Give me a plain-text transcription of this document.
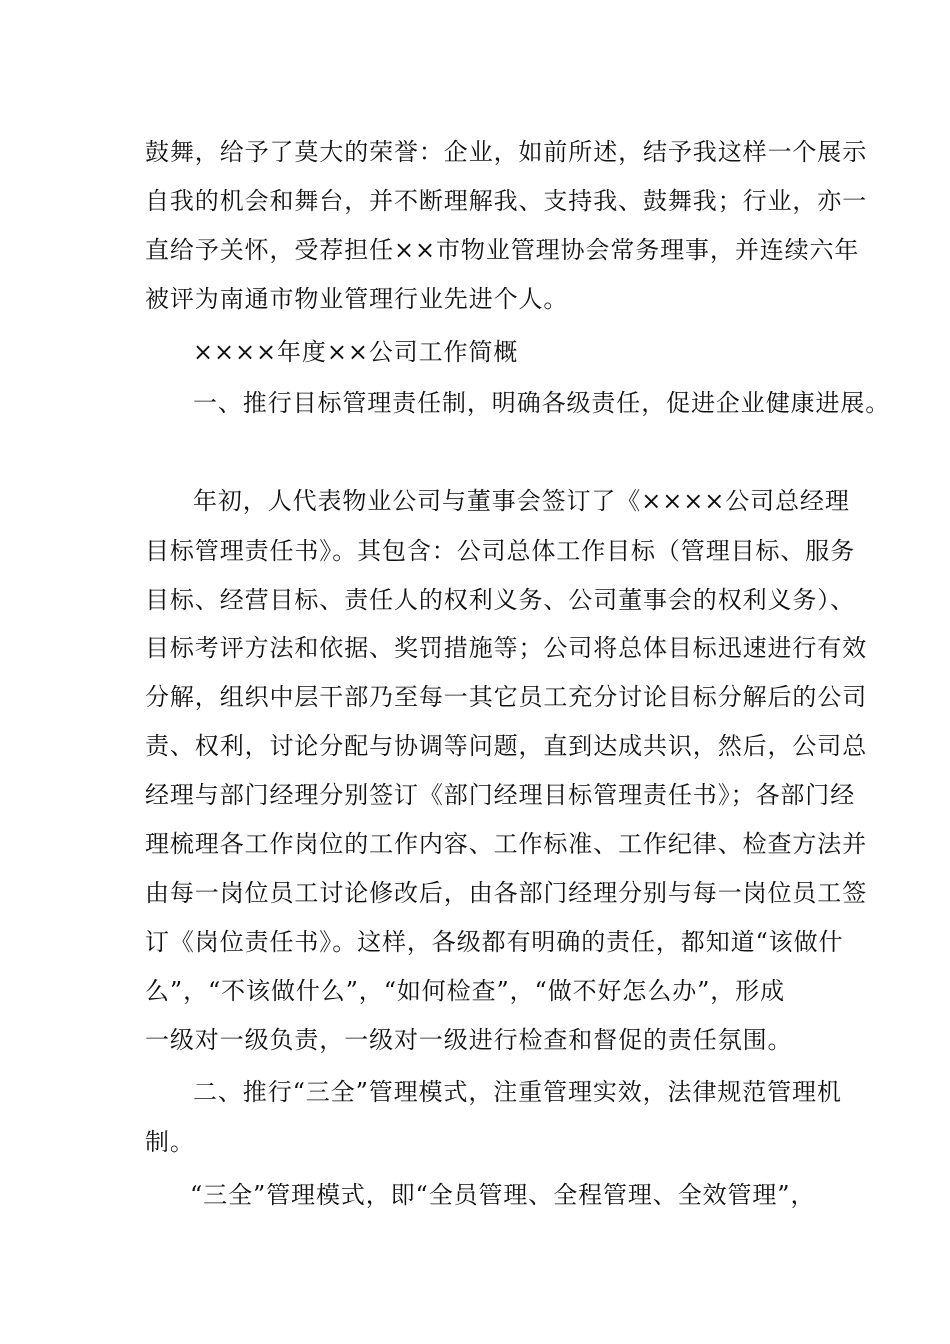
鼓舞，给予了莫大的荣誉：企业，如前所述，结予我这样一个展示
自我的机会和舞台，并不断理解我、支持我、鼓舞我；行业，亦一
直给予关怀，受荐担任××市物业管理协会常务理事，并连续六年
被评为南通市物业管理行业先进个人。
××××年度××公司工作简概
一、推行目标管理责任制，明确各级责任，促进企业健康进展。
年初，人代表物业公司与董事会签订了《××××公司总经理
目标管理责任书》。其包含：公司总体工作目标（管理目标、服务
目标、经营目标、责任人的权利义务、公司董事会的权利义务）、
目标考评方法和依据、奖罚措施等；公司将总体目标迅速进行有效
分解，组织中层干部乃至每一其它员工充分讨论目标分解后的公司
责、权利，讨论分配与协调等问题，直到达成共识，然后，公司总
经理与部门经理分别签订《部门经理目标管理责任书》；各部门经
理梳理各工作岗位的工作内容、工作标准、工作纪律、检查方法并
由每一岗位员工讨论修改后，由各部门经理分别与每一岗位员工签
订《岗位责任书》。这样，各级都有明确的责任，都知道“该做什
么”，“不该做什么”，“如何检查”，“做不好怎么办”，形成
一级对一级负责，一级对一级进行检查和督促的责任氛围。
二、推行“三全”管理模式，注重管理实效，法律规范管理机
制。
“三全”管理模式，即“全员管理、全程管理、全效管理”，
